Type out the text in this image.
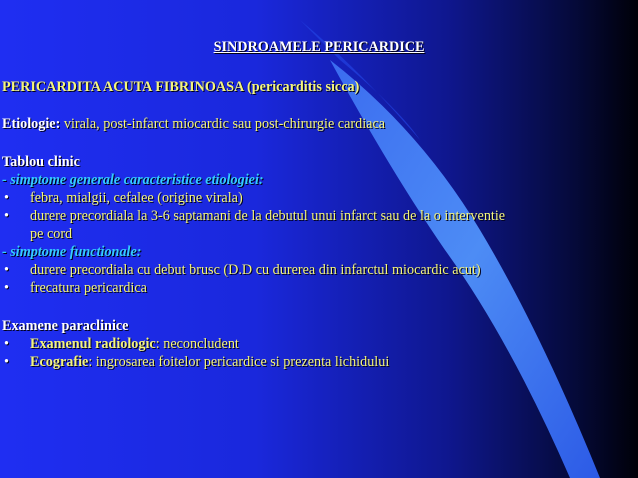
SINDROAMELE PERICARDICE
PERICARDITA ACUTA FIBRINOASA (pericarditis sicca)
Etiologie: virala, post-infarct miocardic sau post-chirurgie cardiaca
Tablou clinic
- simptome generale caracteristice etiologiei:
• febra, mialgii, cefalee (origine virala)
• durere precordiala la 3-6 saptamani de la debutul unui infarct sau de la o interventie
pe cord
- simptome functionale:
• durere precordiala cu debut brusc (D.D cu durerea din infarctul miocardic acut)
• frecatura pericardica
Examene paraclinice
• Examenul radiologic: neconcludent
• Ecografie: ingrosarea foitelor pericardice si prezenta lichidului
